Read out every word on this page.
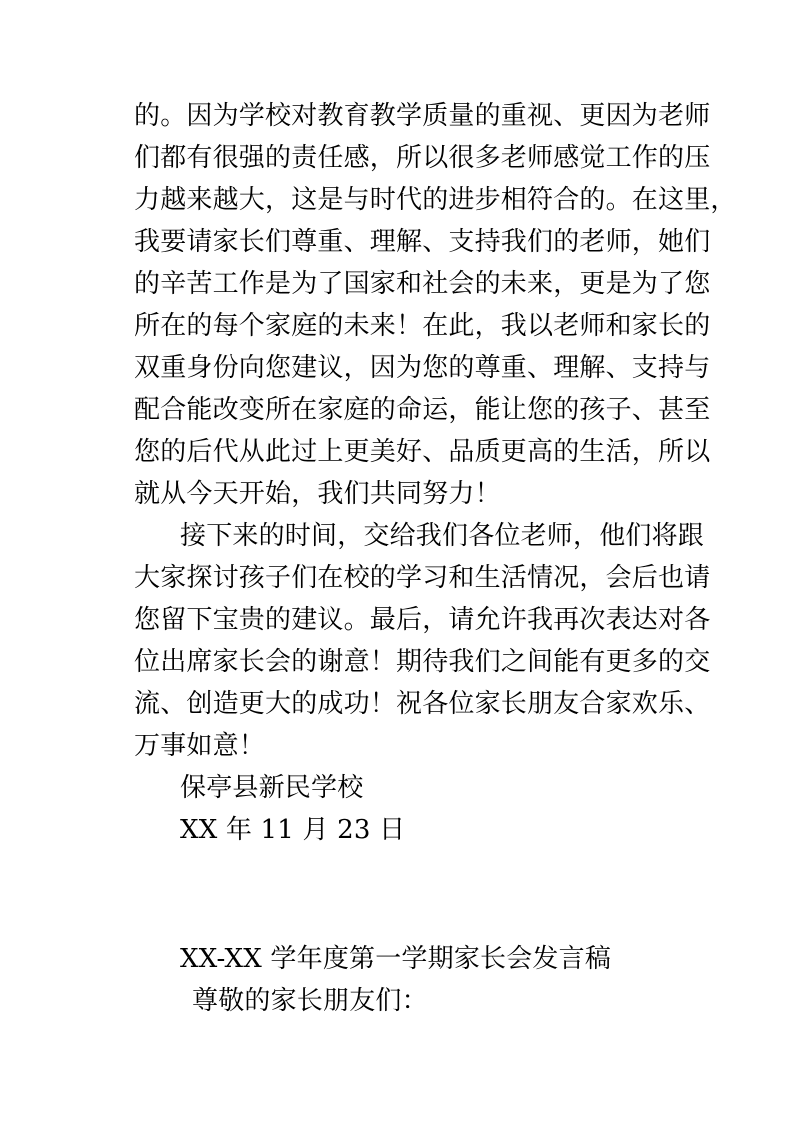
的。因为学校对教育教学质量的重视、更因为老师
们都有很强的责任感，所以很多老师感觉工作的压
力越来越大，这是与时代的进步相符合的。在这里，
我要请家长们尊重、理解、支持我们的老师，她们
的辛苦工作是为了国家和社会的未来，更是为了您
所在的每个家庭的未来！在此，我以老师和家长的
双重身份向您建议，因为您的尊重、理解、支持与
配合能改变所在家庭的命运，能让您的孩子、甚至
您的后代从此过上更美好、品质更高的生活，所以
就从今天开始，我们共同努力！
接下来的时间，交给我们各位老师，他们将跟
大家探讨孩子们在校的学习和生活情况，会后也请
您留下宝贵的建议。最后，请允许我再次表达对各
位出席家长会的谢意！期待我们之间能有更多的交
流、创造更大的成功！祝各位家长朋友合家欢乐、
万事如意！
保亭县新民学校
XX 年 11 月 23 日
XX-XX 学年度第一学期家长会发言稿
尊敬的家长朋友们：
